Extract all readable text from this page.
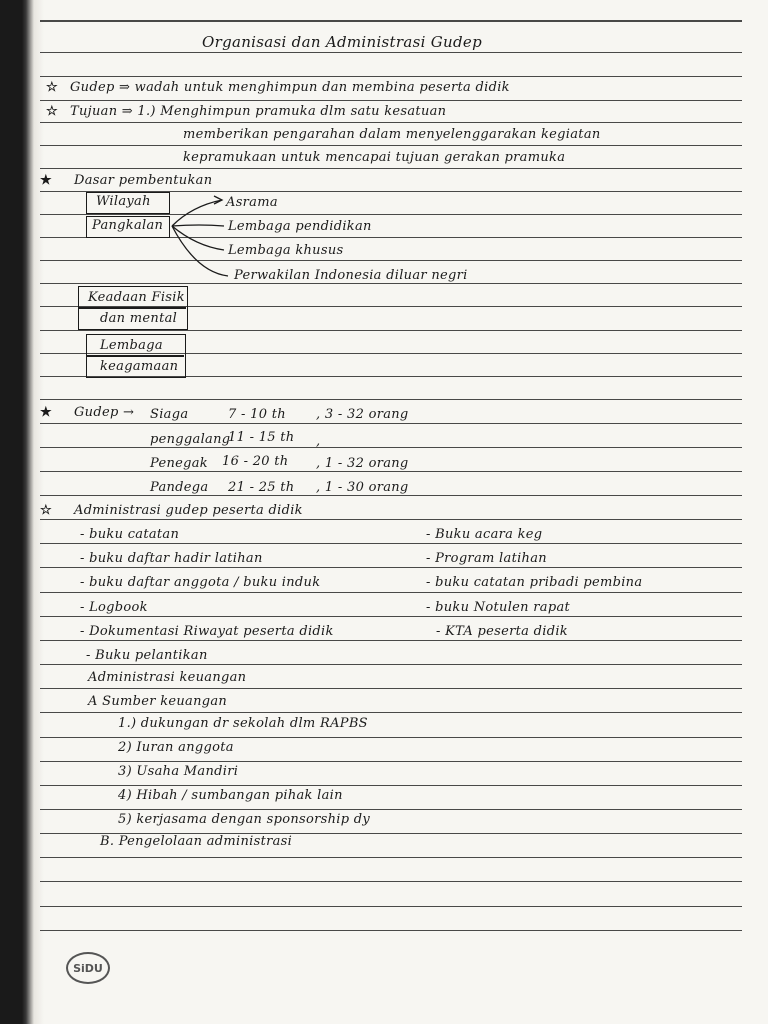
Organisasi dan Administrasi Gudep
☆ Gudep ⇒ wadah untuk menghimpun dan membina peserta didik
☆ Tujuan ⇒ 1.) Menghimpun pramuka dlm satu kesatuan
memberikan pengarahan dalam menyelenggarakan kegiatan
kepramukaan untuk mencapai tujuan gerakan pramuka
★ Dasar pembentukan
Wilayah
Pangkalan
Asrama
Lembaga pendidikan
Lembaga khusus
Perwakilan Indonesia diluar negri
Keadaan Fisik
dan mental
Lembaga
keagamaan
★ Gudep → Siaga	7 - 10 th , 3 - 32 orang
penggalang
11 - 15 th ,
Penegak 16 - 20 th , 1 - 32 orang
Pandega 21 - 25 th , 1 - 30 orang
☆ Administrasi gudep peserta didik
- buku catatan
- buku daftar hadir latihan
- buku daftar anggota / buku induk
- Logbook
- Dokumentasi Riwayat peserta didik
- Buku pelantikan
- Buku acara keg
- Program latihan
- buku catatan pribadi pembina
- buku Notulen rapat
- KTA peserta didik
Administrasi keuangan
A Sumber keuangan
1.) dukungan dr sekolah dlm RAPBS
2) Iuran anggota
3) Usaha Mandiri
4) Hibah / sumbangan pihak lain
5) kerjasama dengan sponsorship dy
B. Pengelolaan administrasi
SiDU
